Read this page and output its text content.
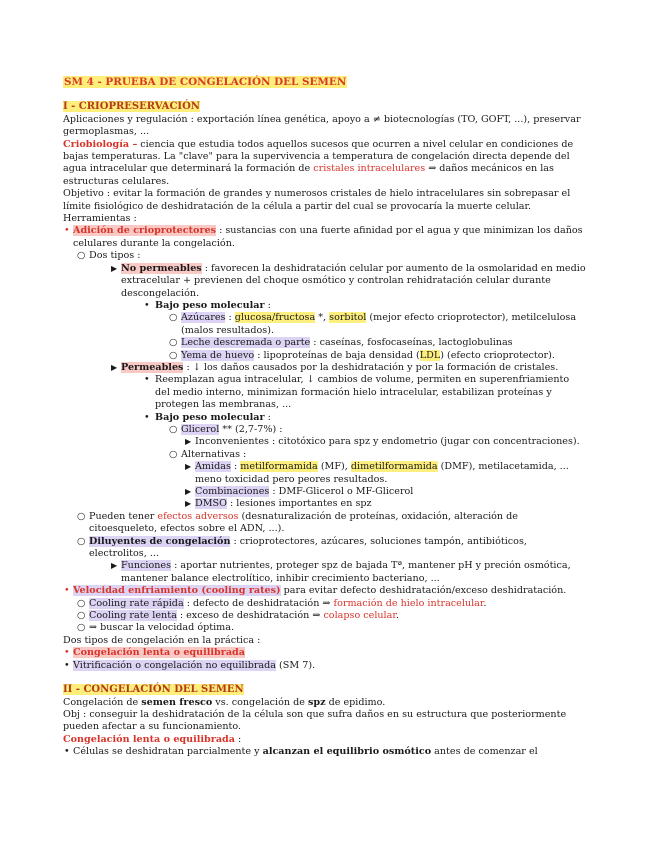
SM 4 - PRUEBA DE CONGELACIÓN DEL SEMEN

I - CRIOPRESERVACIÓN

Aplicaciones y regulación : exportación línea genética, apoyo a ≠ biotecnologías (TO, GOFT, ...), preservar germoplasmas, ...

Criobiología – ciencia que estudia todos aquellos sucesos que ocurren a nivel celular en condiciones de bajas temperaturas. La "clave" para la supervivencia a temperatura de congelación directa depende del agua intracelular que determinará la formación de cristales intracelulares ⇒ daños mecánicos en las estructuras celulares.

Objetivo : evitar la formación de grandes y numerosos cristales de hielo intracelulares sin sobrepasar el límite fisiológico de deshidratación de la célula a partir del cual se provocaría la muerte celular.

Herramientas :

• Adición de crioprotectores : sustancias con una fuerte afinidad por el agua y que minimizan los daños celulares durante la congelación.
○ Dos tipos :
▶ No permeables : favorecen la deshidratación celular por aumento de la osmolaridad en medio extracelular + previenen del choque osmótico y controlan rehidratación celular durante descongelación.
• Bajo peso molecular :
○ Azúcares : glucosa/fructosa *, sorbitol (mejor efecto crioprotector), metilcelulosa (malos resultados).
○ Leche descremada o parte : caseínas, fosfocaseínas, lactoglobulinas
○ Yema de huevo : lipoproteínas de baja densidad (LDL) (efecto crioprotector).
▶ Permeables : ↓ los daños causados por la deshidratación y por la formación de cristales.
• Reemplazan agua intracelular, ↓ cambios de volume, permiten en superenfriamiento del medio interno, minimizan formación hielo intracelular, estabilizan proteínas y protegen las membranas, ...
• Bajo peso molecular :
○ Glicerol ** (2,7-7%) :
▶ Inconvenientes : citotóxico para spz y endometrio (jugar con concentraciones).
○ Alternativas :
▶ Amidas : metilformamida (MF), dimetilformamida (DMF), metilacetamida, ... meno toxicidad pero peores resultados.
▶ Combinaciones : DMF-Glicerol o MF-Glicerol
▶ DMSO : lesiones importantes en spz
○ Pueden tener efectos adversos (desnaturalización de proteínas, oxidación, alteración de citoesqueleto, efectos sobre el ADN, ...).
○ Diluyentes de congelación : crioprotectores, azúcares, soluciones tampón, antibióticos, electrolitos, ...
▶ Funciones : aportar nutrientes, proteger spz de bajada Tª, mantener pH y preción osmótica, mantener balance electrolítico, inhibir crecimiento bacteriano, ...
• Velocidad enfriamiento (cooling rates) para evitar defecto deshidratación/exceso deshidratación.
○ Cooling rate rápida : defecto de deshidratación ⇒ formación de hielo intracelular.
○ Cooling rate lenta : exceso de deshidratación ⇒ colapso celular.
○ ⇒ buscar la velocidad óptima.

Dos tipos de congelación en la práctica :

• Congelación lenta o equilibrada
• Vitrificación o congelación no equilibrada (SM 7).

II - CONGELACIÓN DEL SEMEN

Congelación de semen fresco vs. congelación de spz de epidimo.

Obj : conseguir la deshidratación de la célula son que sufra daños en su estructura que posteriormente pueden afectar a su funcionamiento.

Congelación lenta o equilibrada :

• Células se deshidratan parcialmente y alcanzan el equilibrio osmótico antes de comenzar el
